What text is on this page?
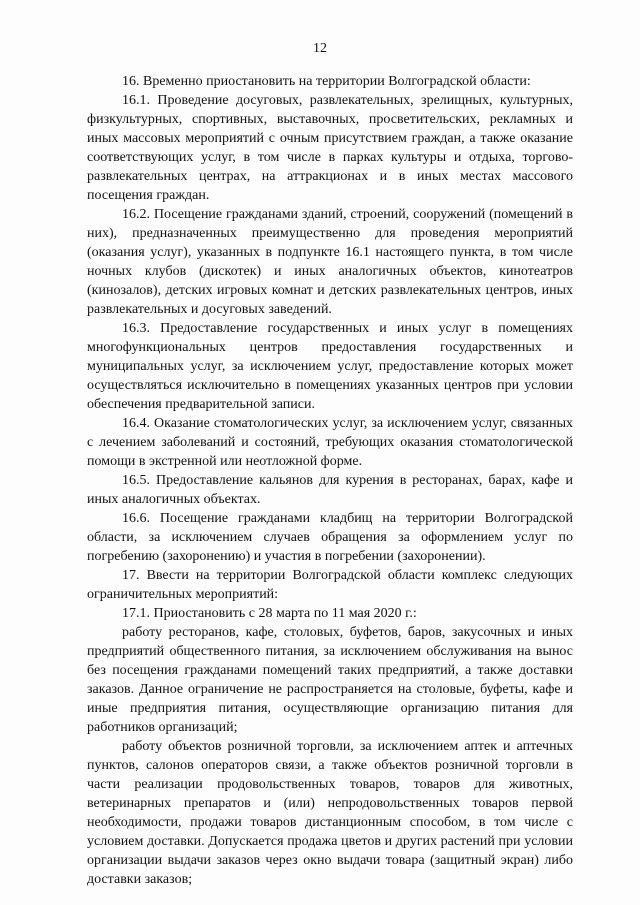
12

16. Временно приостановить на территории Волгоградской области:

16.1. Проведение досуговых, развлекательных, зрелищных, культурных, физкультурных, спортивных, выставочных, просветительских, рекламных и иных массовых мероприятий с очным присутствием граждан, а также оказание соответствующих услуг, в том числе в парках культуры и отдыха, торгово-развлекательных центрах, на аттракционах и в иных местах массового посещения граждан.

16.2. Посещение гражданами зданий, строений, сооружений (помещений в них), предназначенных преимущественно для проведения мероприятий (оказания услуг), указанных в подпункте 16.1 настоящего пункта, в том числе ночных клубов (дискотек) и иных аналогичных объектов, кинотеатров (кинозалов), детских игровых комнат и детских развлекательных центров, иных развлекательных и досуговых заведений.

16.3. Предоставление государственных и иных услуг в помещениях многофункциональных центров предоставления государственных и муниципальных услуг, за исключением услуг, предоставление которых может осуществляться исключительно в помещениях указанных центров при условии обеспечения предварительной записи.

16.4. Оказание стоматологических услуг, за исключением услуг, связанных с лечением заболеваний и состояний, требующих оказания стоматологической помощи в экстренной или неотложной форме.

16.5. Предоставление кальянов для курения в ресторанах, барах, кафе и иных аналогичных объектах.

16.6. Посещение гражданами кладбищ на территории Волгоградской области, за исключением случаев обращения за оформлением услуг по погребению (захоронению) и участия в погребении (захоронении).

17. Ввести на территории Волгоградской области комплекс следующих ограничительных мероприятий:

17.1. Приостановить с 28 марта по 11 мая 2020 г.:

работу ресторанов, кафе, столовых, буфетов, баров, закусочных и иных предприятий общественного питания, за исключением обслуживания на вынос без посещения гражданами помещений таких предприятий, а также доставки заказов. Данное ограничение не распространяется на столовые, буфеты, кафе и иные предприятия питания, осуществляющие организацию питания для работников организаций;

работу объектов розничной торговли, за исключением аптек и аптечных пунктов, салонов операторов связи, а также объектов розничной торговли в части реализации продовольственных товаров, товаров для животных, ветеринарных препаратов и (или) непродовольственных товаров первой необходимости, продажи товаров дистанционным способом, в том числе с условием доставки. Допускается продажа цветов и других растений при условии организации выдачи заказов через окно выдачи товара (защитный экран) либо доставки заказов;
